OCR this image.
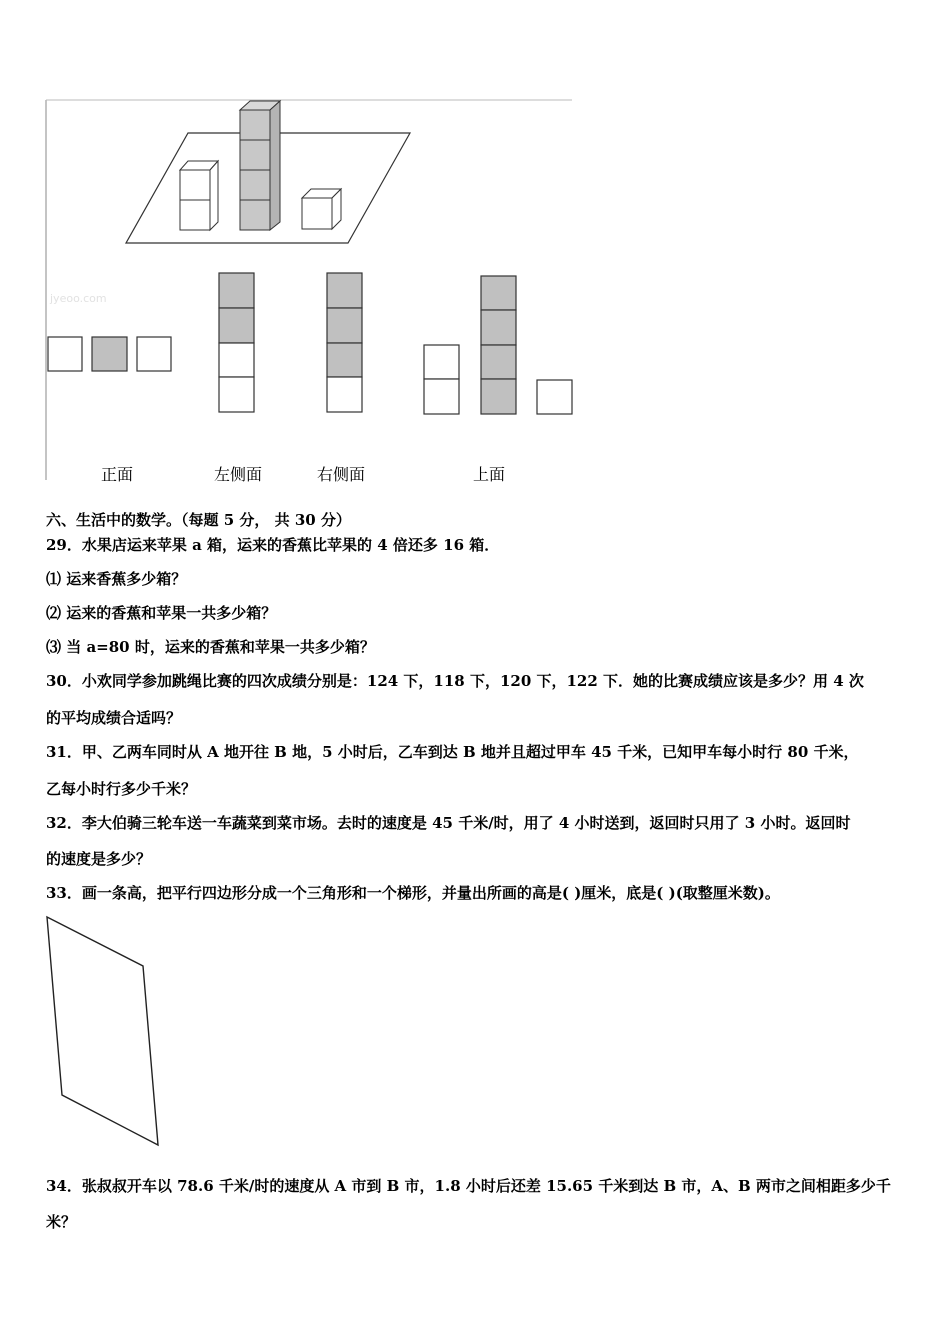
jyeoo.com
正面	左侧面	右侧面	上面
六、生活中的数学。（每题 5 分， 共 30 分）
29．水果店运来苹果 a 箱，运来的香蕉比苹果的 4 倍还多 16 箱．
⑴ 运来香蕉多少箱？
⑵ 运来的香蕉和苹果一共多少箱？
⑶ 当 a=80 时，运来的香蕉和苹果一共多少箱？
30．小欢同学参加跳绳比赛的四次成绩分别是：124 下，118 下，120 下，122 下．她的比赛成绩应该是多少？用 4 次
的平均成绩合适吗？
31．甲、乙两车同时从 A 地开往 B 地，5 小时后，乙车到达 B 地并且超过甲车 45 千米，已知甲车每小时行 80 千米，
乙每小时行多少千米？
32．李大伯骑三轮车送一车蔬菜到菜市场。去时的速度是 45 千米/时，用了 4 小时送到，返回时只用了 3 小时。返回时
的速度是多少？
33．画一条高，把平行四边形分成一个三角形和一个梯形，并量出所画的高是( )厘米，底是( )(取整厘米数)。
34．张叔叔开车以 78.6 千米/时的速度从 A 市到 B 市，1.8 小时后还差 15.65 千米到达 B 市，A、B 两市之间相距多少千
米？
